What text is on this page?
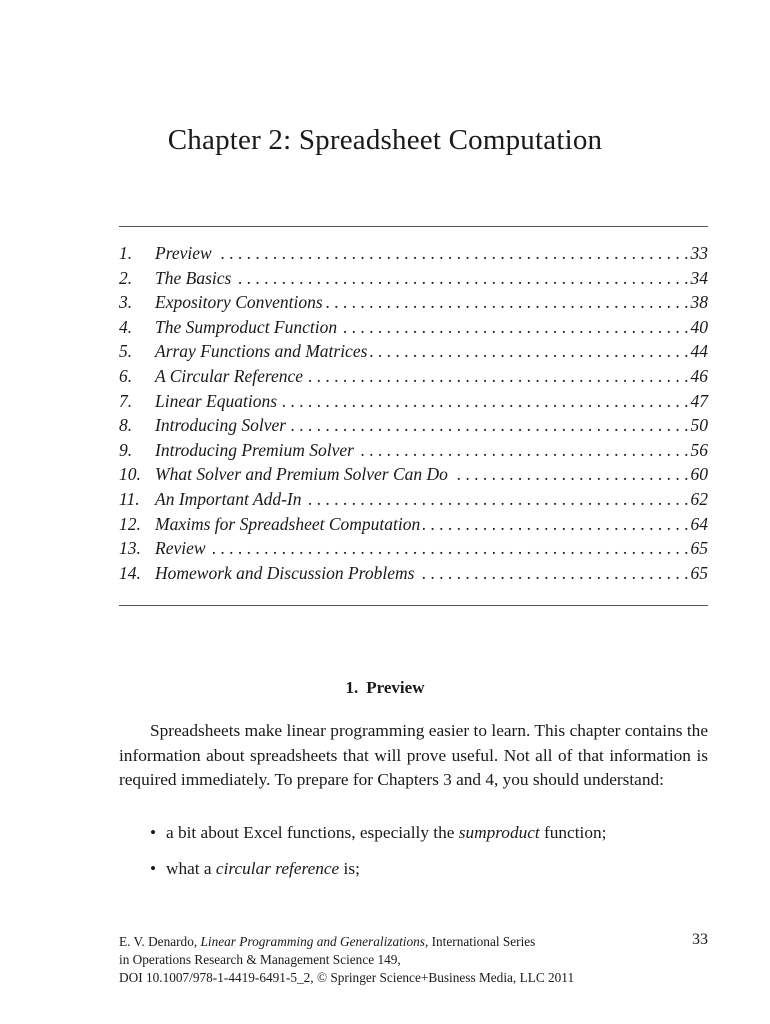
Chapter 2: Spreadsheet Computation
1.	Preview . . .	33
2.	The Basics . . .	34
3.	Expository Conventions . . .	38
4.	The Sumproduct Function . . .	40
5.	Array Functions and Matrices . . .	44
6.	A Circular Reference . . .	46
7.	Linear Equations . . .	47
8.	Introducing Solver . . .	50
9.	Introducing Premium Solver . . .	56
10. What Solver and Premium Solver Can Do . . .	60
11. An Important Add-In . . .	62
12. Maxims for Spreadsheet Computation . . .	64
13. Review . . .	65
14. Homework and Discussion Problems . . .	65
1. Preview

Spreadsheets make linear programming easier to learn. This chapter contains the information about spreadsheets that will prove useful. Not all of that information is required immediately. To prepare for Chapters 3 and 4, you should understand:

• a bit about Excel functions, especially the sumproduct function;
• what a circular reference is;
E. V. Denardo, Linear Programming and Generalizations, International Series
in Operations Research & Management Science 149,
DOI 10.1007/978-1-4419-6491-5_2, © Springer Science+Business Media, LLC 2011
33
